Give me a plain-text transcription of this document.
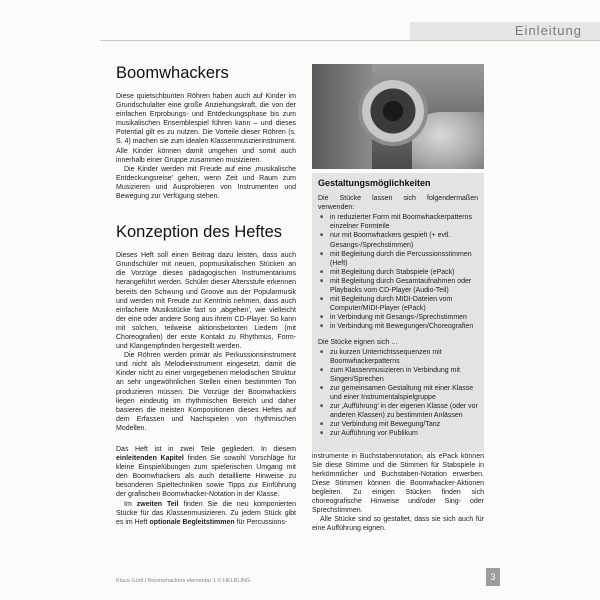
Einleitung
Boomwhackers

Diese quietschbunten Röhren haben auch auf Kinder im Grundschulalter eine große Anziehungskraft, die von der einfachen Erprobungs- und Entdeckungsphase bis zum musikalischen Ensemblespiel führen kann – und dieses Potential gilt es zu nutzen. Die Vorteile dieser Röhren (s. S. 4) machen sie zum idealen Klassenmusizierinstrument. Alle Kinder können damit umgehen und somit auch innerhalb einer Gruppe zusammen musizieren.

Die Kinder werden mit Freude auf eine ‚musikalische Entdeckungsreise' gehen, wenn Zeit und Raum zum Musizieren und Ausprobieren von Instrumenten und Bewegung zur Verfügung stehen.

Konzeption des Heftes

Dieses Heft soll einen Beitrag dazu leisten, dass auch Grundschüler mit neuen, popmusikalischen Stücken an die Vorzüge dieses pädagogischen Instrumentariums herangeführt werden. Schüler dieser Altersstufe erkennen bereits den Schwung und Groove aus der Popularmusik und werden mit Freude zur Kenntnis nehmen, dass auch einfachere Musikstücke fast so ‚abgehen', wie vielleicht der eine oder andere Song aus ihrem CD-Player. So kann mit solchen, teilweise aktionsbetonten Liedern (mit Choreografien) der erste Kontakt zu Rhythmus, Form- und Klangempfinden hergestellt werden.

Die Röhren werden primär als Perkussionsinstrument und nicht als Melodieinstrument eingesetzt, damit die Kinder nicht zu einer vorgegebenen melodischen Struktur an sehr ungewöhnlichen Stellen einen bestimmten Ton produzieren müssen. Die Vorzüge der Boomwhackers liegen eindeutig im rhythmischen Bereich und daher basieren die meisten Kompositionen dieses Heftes auf dem Erfassen und Nachspielen von rhythmischen Modellen.

Das Heft ist in zwei Teile gegliedert. In diesem einleitenden Kapitel finden Sie sowohl Vorschläge für kleine Einspielübungen zum spielerischen Umgang mit den Boomwhackers als auch detaillierte Hinweise zu besonderen Spieltechniken sowie Tipps zur Einführung der grafischen Boomwhacker-Notation in der Klasse.

Im zweiten Teil finden Sie die neu komponierten Stücke für das Klassenmusizieren. Zu jedem Stück gibt es im Heft optionale Begleitstimmen für Percussions-

Gestaltungsmöglichkeiten

Die Stücke lassen sich folgendermaßen verwenden:

■ in reduzierter Form mit Boomwhackerpatterns einzelner Formteile
■ nur mit Boomwhackers gespielt (+ evtl. Gesangs-/Sprechstimmen)
■ mit Begleitung durch die Percussionsstimmen (Heft)
■ mit Begleitung durch Stabspiele (ePack)
■ mit Begleitung durch Gesamtaufnahmen oder Playbacks vom CD-Player (Audio-Teil)
■ mit Begleitung durch MIDI-Dateien vom Computer/MIDI-Player (ePack)
■ in Verbindung mit Gesangs-/Sprechstimmen
■ in Verbindung mit Bewegungen/Choreografien

Die Stücke eignen sich …

■ zu kurzen Unterrichtssequenzen mit Boomwhackerpatterns
■ zum Klassenmusizieren in Verbindung mit Singen/Sprechen
■ zur gemeinsamen Gestaltung mit einer Klasse und einer Instrumentalspielgruppe
■ zur ‚Aufführung' in der eigenen Klasse (oder vor anderen Klassen) zu bestimmten Anlässen
■ zur Verbindung mit Bewegung/Tanz
■ zur Aufführung vor Publikum

instrumente in Buchstabennotation, als ePack können Sie diese Stimme und die Stimmen für Stabspiele in herkömmlicher und Buchstaben-Notation erwerben. Diese Stimmen können die Boomwhacker-Aktionen begleiten. Zu einigen Stücken finden sich choreografische Hinweise und/oder Sing- oder Sprechstimmen.

Alle Stücke sind so gestaltet, dass sie sich auch für eine Aufführung eignen.

Klaus Gürtl | Boomwhackers elementar 1 © HELBLING	3
